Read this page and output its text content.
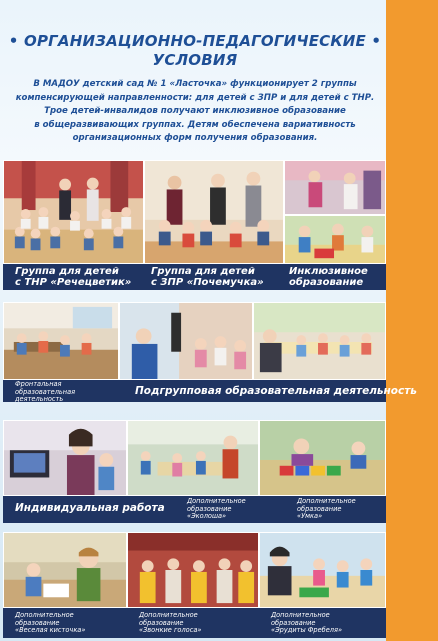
• ОРГАНИЗАЦИОННО-ПЕДАГОГИЧЕСКИЕ •
УСЛОВИЯ

В МАДОУ детский сад № 1 «Ласточка» функционирует 2 группы

компенсирующей направленности: для детей с ЗПР и для детей с ТНР.

Трое детей-инвалидов получают инклюзивное образование

в общеразвивающих группах. Детям обеспечена вариативность

организационных форм получения образования.

Группа для детей
с ТНР «Речецветик»
Группа для детей
с ЗПР «Почемучка»
Инклюзивное
образование
Фронтальная
образовательная
деятельность
Подгрупповая образовательная деятельность
Индивидуальная работа
Дополнительное
образование
«Эколоша»
Дополнительное
образование
«Умка»
Дополнительное
образование
«Веселая кисточка»
Дополнительное
образование
«Звонкие голоса»
Дополнительное
образование
«Эрудиты Фребеля»
